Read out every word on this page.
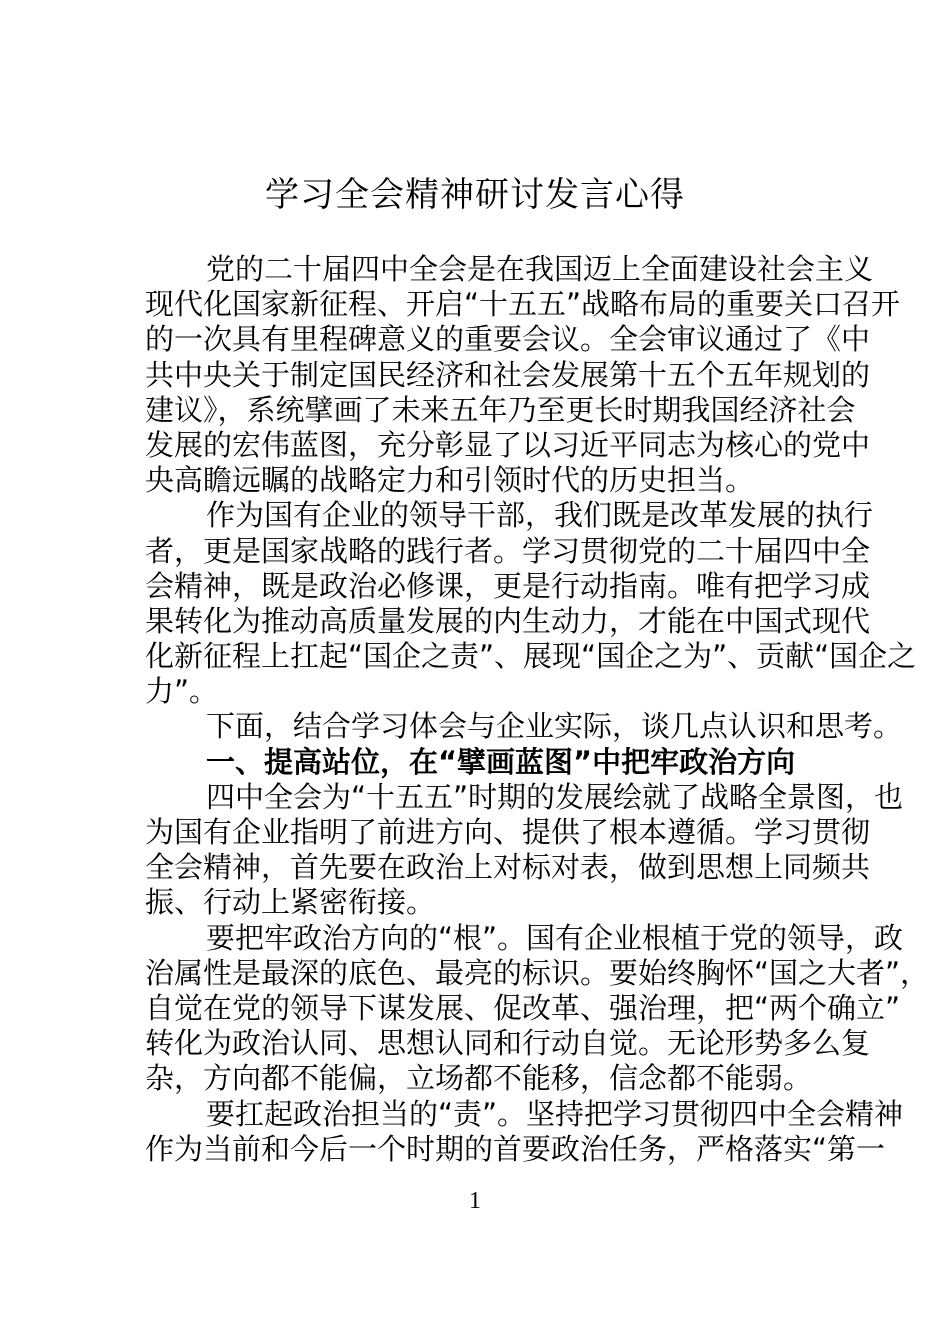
学习全会精神研讨发言心得
党的二十届四中全会是在我国迈上全面建设社会主义
现代化国家新征程、开启“十五五”战略布局的重要关口召开
的一次具有里程碑意义的重要会议。全会审议通过了《中
共中央关于制定国民经济和社会发展第十五个五年规划的
建议》，系统擘画了未来五年乃至更长时期我国经济社会
发展的宏伟蓝图，充分彰显了以习近平同志为核心的党中
央高瞻远瞩的战略定力和引领时代的历史担当。
作为国有企业的领导干部，我们既是改革发展的执行
者，更是国家战略的践行者。学习贯彻党的二十届四中全
会精神，既是政治必修课，更是行动指南。唯有把学习成
果转化为推动高质量发展的内生动力，才能在中国式现代
化新征程上扛起“国企之责”、展现“国企之为”、贡献“国企之
力”。
下面，结合学习体会与企业实际，谈几点认识和思考。
一、提高站位，在“擘画蓝图”中把牢政治方向
四中全会为“十五五”时期的发展绘就了战略全景图，也
为国有企业指明了前进方向、提供了根本遵循。学习贯彻
全会精神，首先要在政治上对标对表，做到思想上同频共
振、行动上紧密衔接。
要把牢政治方向的“根”。国有企业根植于党的领导，政
治属性是最深的底色、最亮的标识。要始终胸怀“国之大者”，
自觉在党的领导下谋发展、促改革、强治理，把“两个确立”
转化为政治认同、思想认同和行动自觉。无论形势多么复
杂，方向都不能偏，立场都不能移，信念都不能弱。
要扛起政治担当的“责”。坚持把学习贯彻四中全会精神
作为当前和今后一个时期的首要政治任务，严格落实“第一
1
